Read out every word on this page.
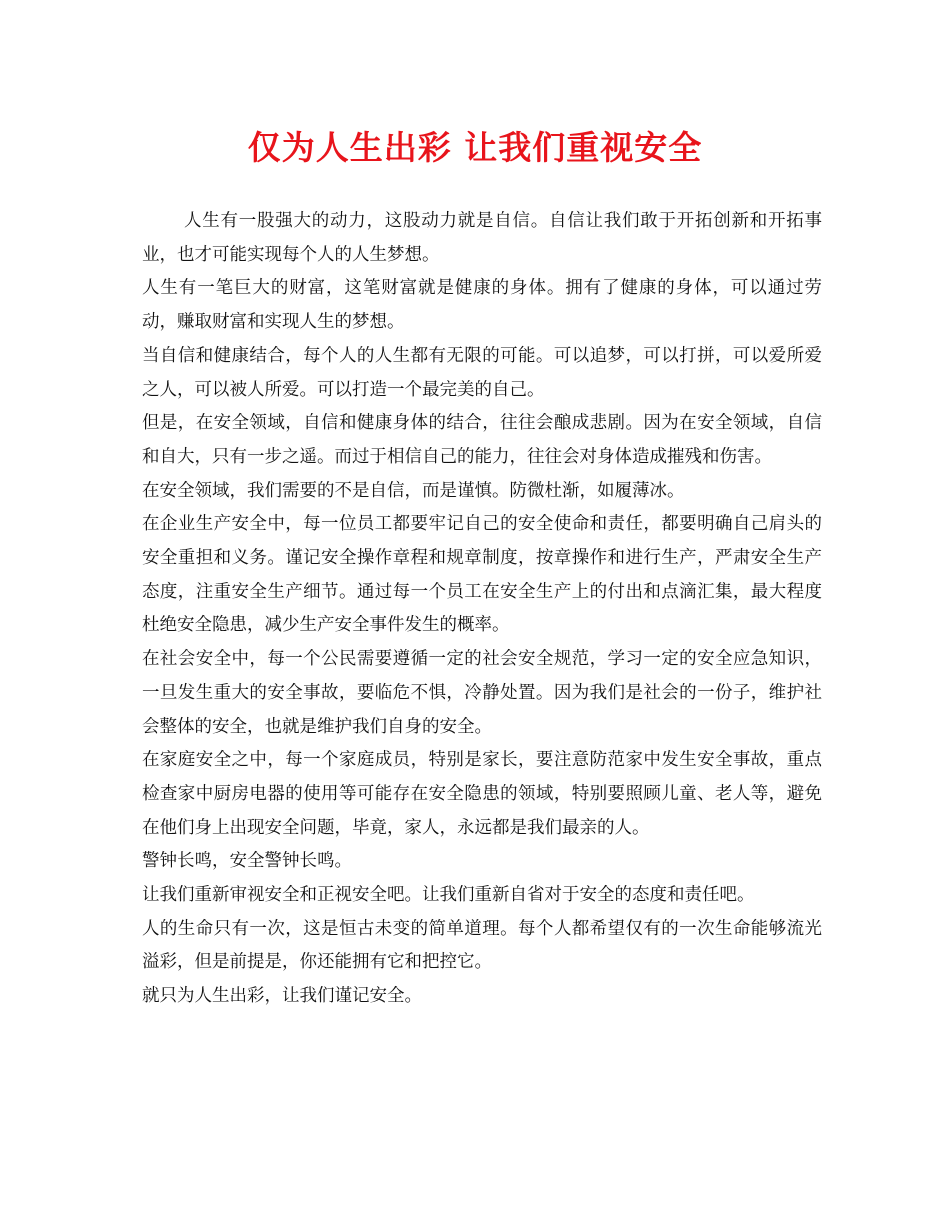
仅为人生出彩 让我们重视安全

人生有一股强大的动力，这股动力就是自信。自信让我们敢于开拓创新和开拓事业，也才可能实现每个人的人生梦想。

人生有一笔巨大的财富，这笔财富就是健康的身体。拥有了健康的身体，可以通过劳动，赚取财富和实现人生的梦想。

当自信和健康结合，每个人的人生都有无限的可能。可以追梦，可以打拼，可以爱所爱之人，可以被人所爱。可以打造一个最完美的自己。

但是，在安全领域，自信和健康身体的结合，往往会酿成悲剧。因为在安全领域，自信和自大，只有一步之遥。而过于相信自己的能力，往往会对身体造成摧残和伤害。

在安全领域，我们需要的不是自信，而是谨慎。防微杜渐，如履薄冰。

在企业生产安全中，每一位员工都要牢记自己的安全使命和责任，都要明确自己肩头的安全重担和义务。谨记安全操作章程和规章制度，按章操作和进行生产，严肃安全生产态度，注重安全生产细节。通过每一个员工在安全生产上的付出和点滴汇集，最大程度杜绝安全隐患，减少生产安全事件发生的概率。

在社会安全中，每一个公民需要遵循一定的社会安全规范，学习一定的安全应急知识，一旦发生重大的安全事故，要临危不惧，冷静处置。因为我们是社会的一份子，维护社会整体的安全，也就是维护我们自身的安全。

在家庭安全之中，每一个家庭成员，特别是家长，要注意防范家中发生安全事故，重点检查家中厨房电器的使用等可能存在安全隐患的领域，特别要照顾儿童、老人等，避免在他们身上出现安全问题，毕竟，家人，永远都是我们最亲的人。

警钟长鸣，安全警钟长鸣。

让我们重新审视安全和正视安全吧。让我们重新自省对于安全的态度和责任吧。

人的生命只有一次，这是恒古未变的简单道理。每个人都希望仅有的一次生命能够流光溢彩，但是前提是，你还能拥有它和把控它。

就只为人生出彩，让我们谨记安全。
